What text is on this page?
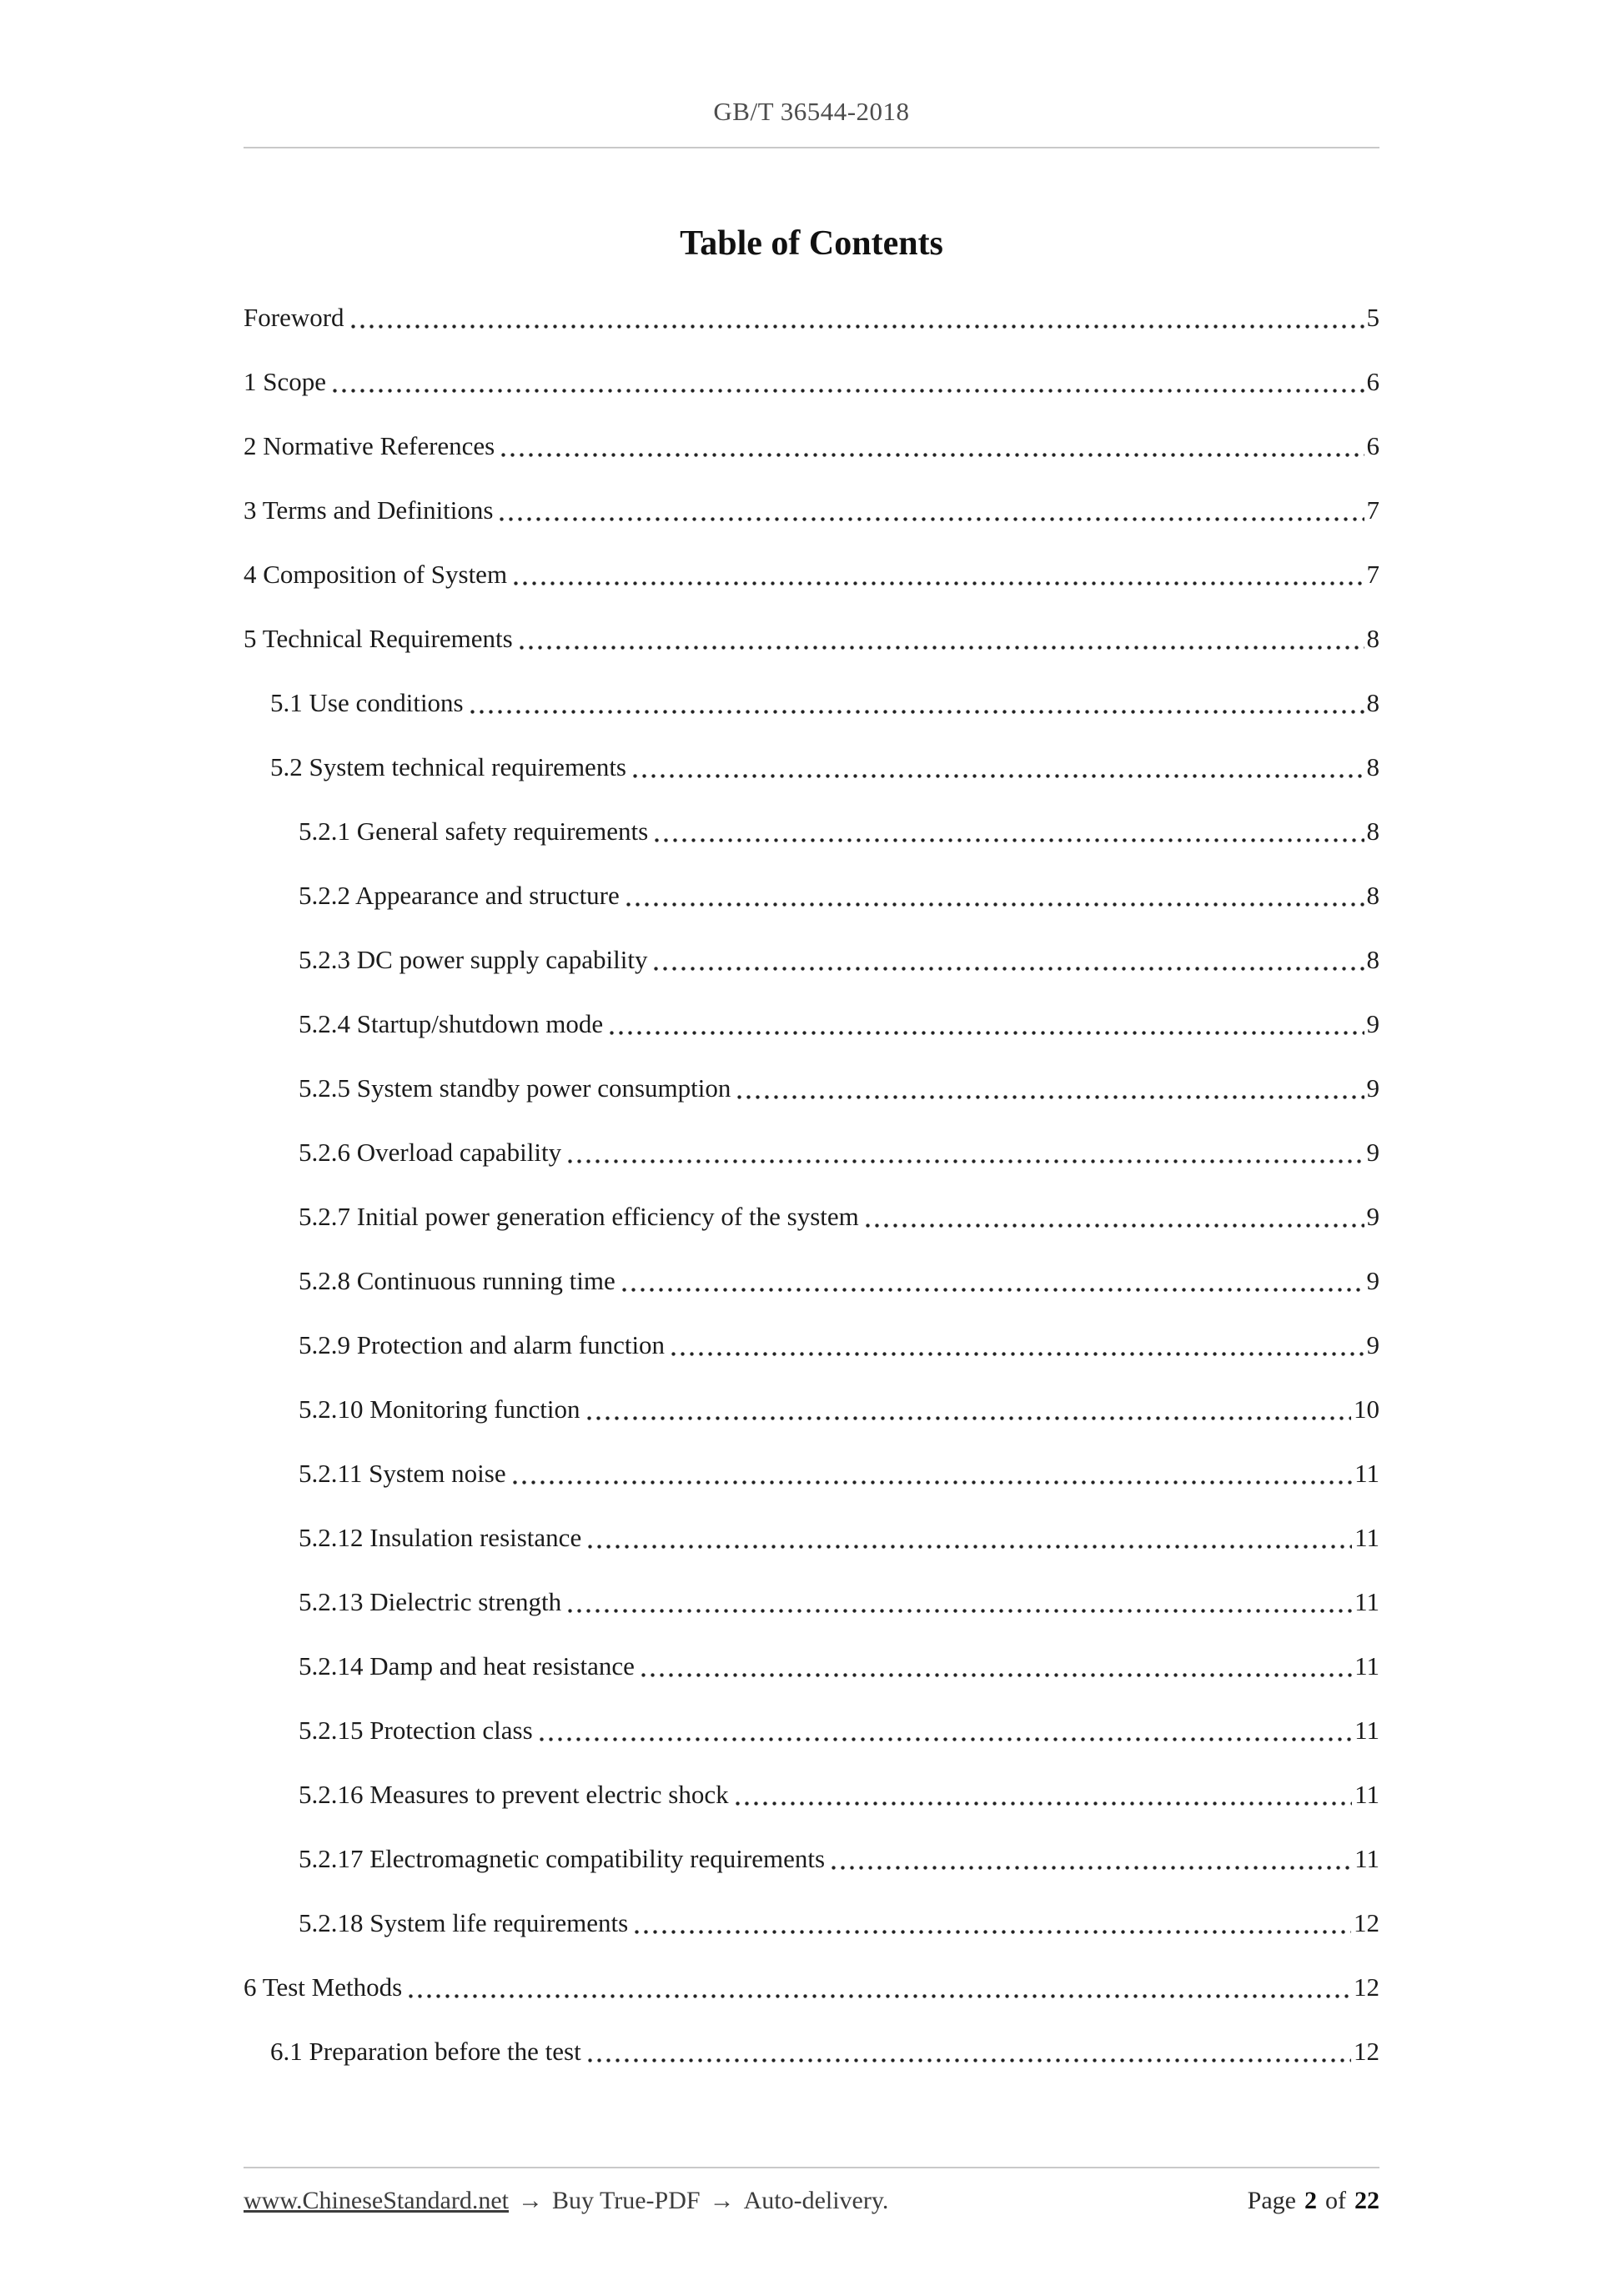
GB/T 36544-2018
Table of Contents
Foreword	5
1 Scope	6
2 Normative References	6
3 Terms and Definitions	7
4 Composition of System	7
5 Technical Requirements	8
5.1 Use conditions	8
5.2 System technical requirements	8
5.2.1 General safety requirements	8
5.2.2 Appearance and structure	8
5.2.3 DC power supply capability	8
5.2.4 Startup/shutdown mode	9
5.2.5 System standby power consumption	9
5.2.6 Overload capability	9
5.2.7 Initial power generation efficiency of the system	9
5.2.8 Continuous running time	9
5.2.9 Protection and alarm function	9
5.2.10 Monitoring function	10
5.2.11 System noise	11
5.2.12 Insulation resistance	11
5.2.13 Dielectric strength	11
5.2.14 Damp and heat resistance	11
5.2.15 Protection class	11
5.2.16 Measures to prevent electric shock	11
5.2.17 Electromagnetic compatibility requirements	11
5.2.18 System life requirements	12
6 Test Methods	12
6.1 Preparation before the test	12
www.ChineseStandard.net → Buy True-PDF → Auto-delivery.	Page 2 of 22
